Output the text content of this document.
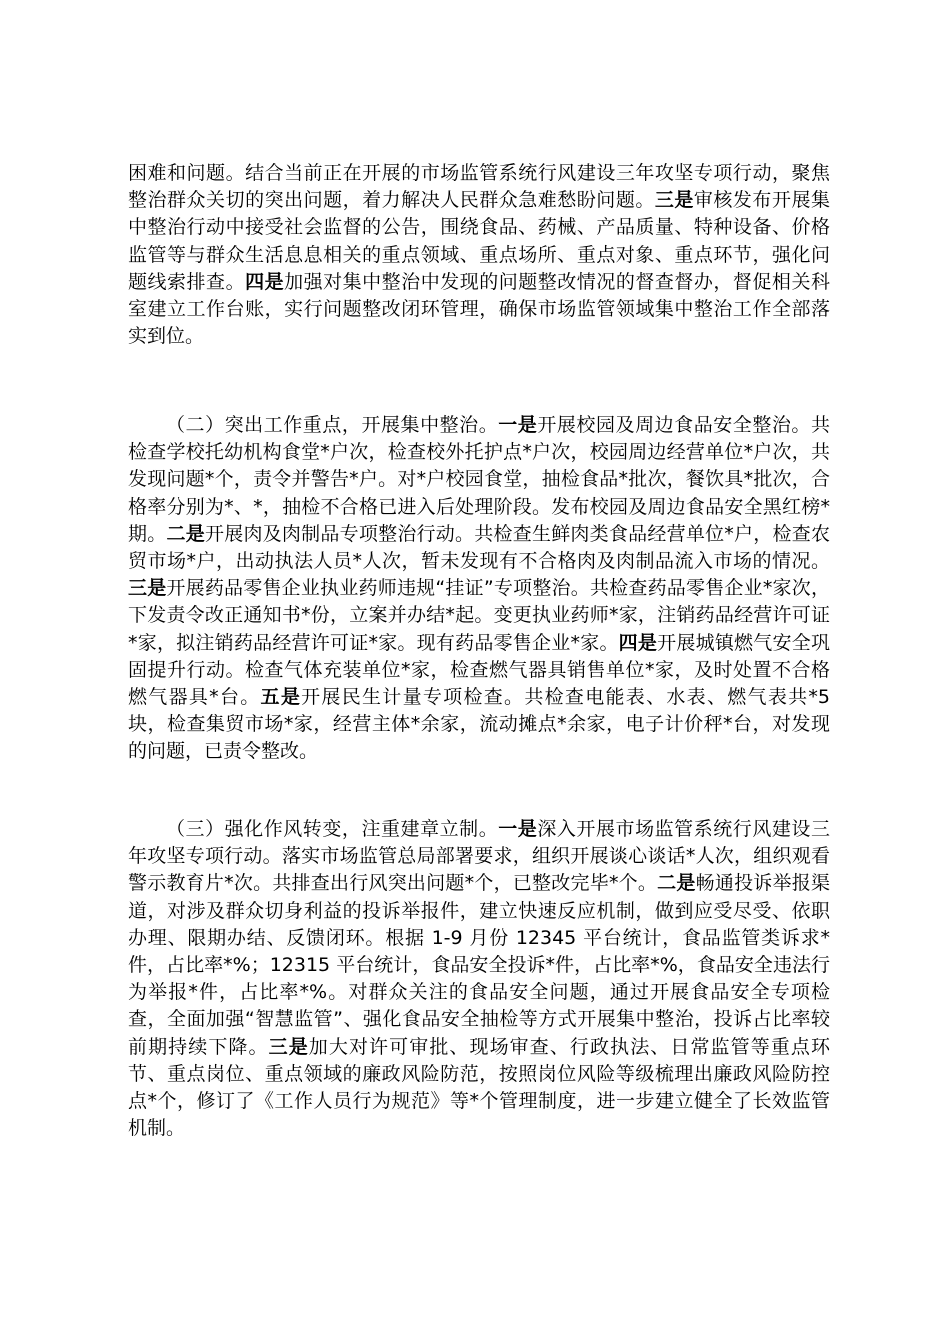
困难和问题。结合当前正在开展的市场监管系统行风建设三年攻坚专项行动，聚焦整治群众关切的突出问题，着力解决人民群众急难愁盼问题。三是审核发布开展集中整治行动中接受社会监督的公告，围绕食品、药械、产品质量、特种设备、价格监管等与群众生活息息相关的重点领域、重点场所、重点对象、重点环节，强化问题线索排查。四是加强对集中整治中发现的问题整改情况的督查督办，督促相关科室建立工作台账，实行问题整改闭环管理，确保市场监管领域集中整治工作全部落实到位。

（二）突出工作重点，开展集中整治。一是开展校园及周边食品安全整治。共检查学校托幼机构食堂*户次，检查校外托护点*户次，校园周边经营单位*户次，共发现问题*个，责令并警告*户。对*户校园食堂，抽检食品*批次，餐饮具*批次，合格率分别为*、*，抽检不合格已进入后处理阶段。发布校园及周边食品安全黑红榜*期。二是开展肉及肉制品专项整治行动。共检查生鲜肉类食品经营单位*户，检查农贸市场*户，出动执法人员*人次，暂未发现有不合格肉及肉制品流入市场的情况。三是开展药品零售企业执业药师违规“挂证”专项整治。共检查药品零售企业*家次，下发责令改正通知书*份，立案并办结*起。变更执业药师*家，注销药品经营许可证*家，拟注销药品经营许可证*家。现有药品零售企业*家。四是开展城镇燃气安全巩固提升行动。检查气体充装单位*家，检查燃气器具销售单位*家，及时处置不合格燃气器具*台。五是开展民生计量专项检查。共检查电能表、水表、燃气表共*5 块，检查集贸市场*家，经营主体*余家，流动摊点*余家，电子计价秤*台，对发现的问题，已责令整改。

（三）强化作风转变，注重建章立制。一是深入开展市场监管系统行风建设三年攻坚专项行动。落实市场监管总局部署要求，组织开展谈心谈话*人次，组织观看警示教育片*次。共排查出行风突出问题*个，已整改完毕*个。二是畅通投诉举报渠道，对涉及群众切身利益的投诉举报件，建立快速反应机制，做到应受尽受、依职办理、限期办结、反馈闭环。根据 1-9 月份 12345 平台统计，食品监管类诉求*件，占比率*%；12315 平台统计，食品安全投诉*件，占比率*%，食品安全违法行为举报*件，占比率*%。对群众关注的食品安全问题，通过开展食品安全专项检查，全面加强“智慧监管”、强化食品安全抽检等方式开展集中整治，投诉占比率较前期持续下降。三是加大对许可审批、现场审查、行政执法、日常监管等重点环节、重点岗位、重点领域的廉政风险防范，按照岗位风险等级梳理出廉政风险防控点*个，修订了《工作人员行为规范》等*个管理制度，进一步建立健全了长效监管机制。
